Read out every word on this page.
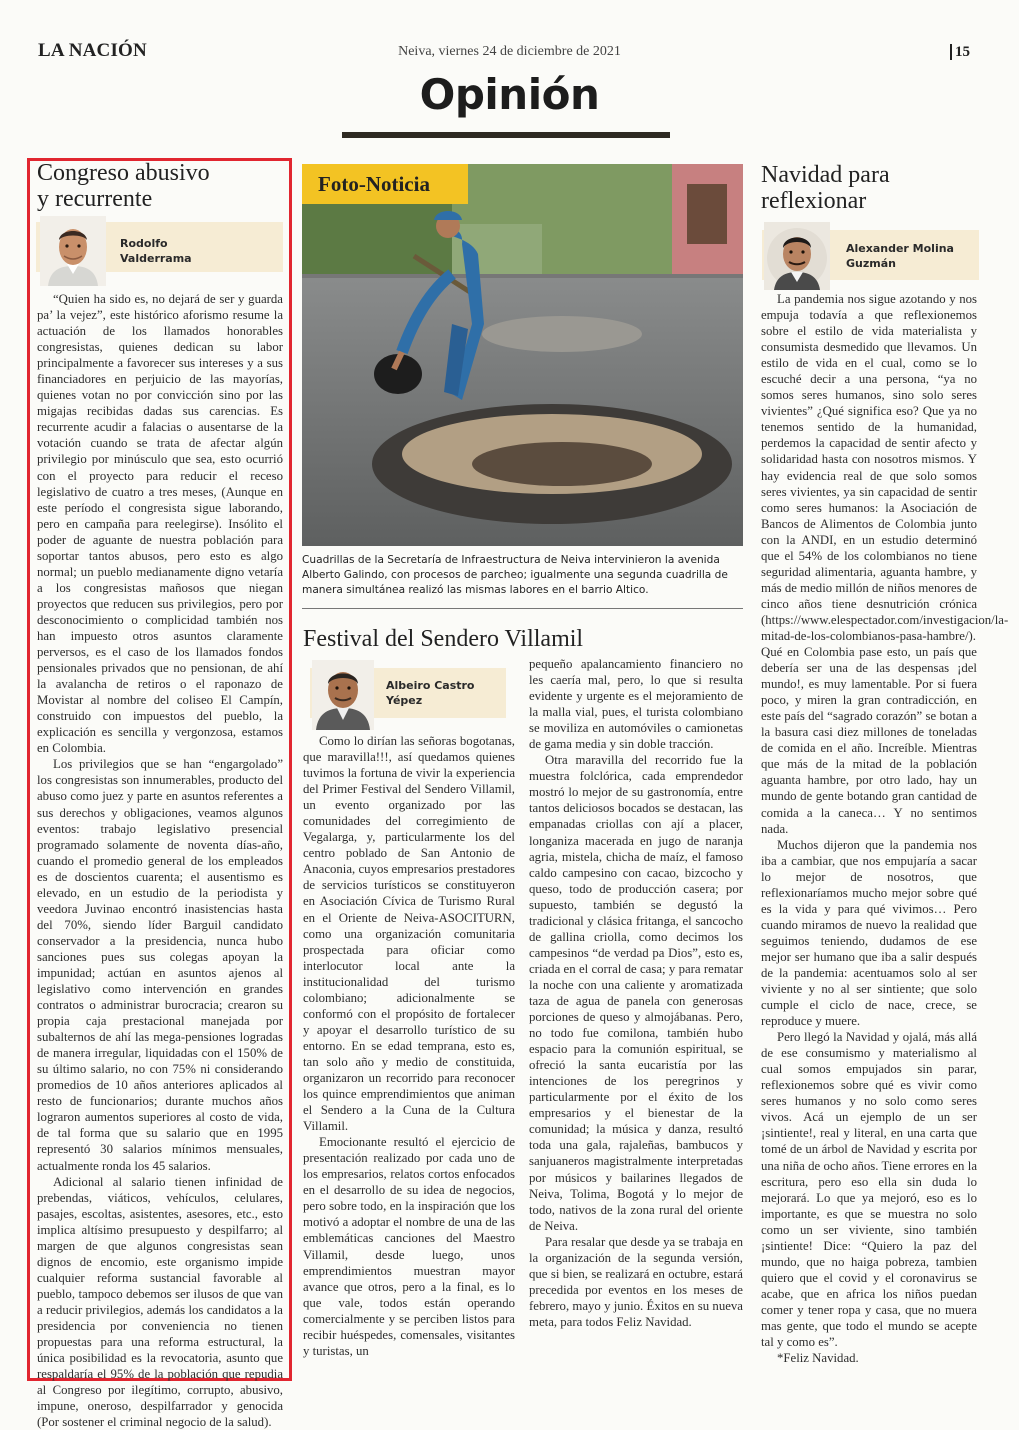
LA NACIÓN	Neiva, viernes 24 de diciembre de 2021	15
Opinión
Congreso abusivo
y recurrente
Rodolfo
Valderrama

“Quien ha sido es, no dejará de ser y guarda pa’ la vejez”, este histórico aforismo resume la actuación de los llamados honorables congresistas, quienes dedican su labor principalmente a favorecer sus intereses y a sus financiadores en perjuicio de las mayorías, quienes votan no por convicción sino por las migajas recibidas dadas sus carencias. Es recurrente acudir a falacias o ausentarse de la votación cuando se trata de afectar algún privilegio por minúsculo que sea, esto ocurrió con el proyecto para reducir el receso legislativo de cuatro a tres meses, (Aunque en este período el congresista sigue laborando, pero en campaña para reelegirse). Insólito el poder de aguante de nuestra población para soportar tantos abusos, pero esto es algo normal; un pueblo medianamente digno vetaría a los congresistas mañosos que niegan proyectos que reducen sus privilegios, pero por desconocimiento o complicidad también nos han impuesto otros asuntos claramente perversos, es el caso de los llamados fondos pensionales privados que no pensionan, de ahí la avalancha de retiros o el raponazo de Movistar al nombre del coliseo El Campín, construido con impuestos del pueblo, la explicación es sencilla y vergonzosa, estamos en Colombia.

Los privilegios que se han “engargolado” los congresistas son innumerables, producto del abuso como juez y parte en asuntos referentes a sus derechos y obligaciones, veamos algunos eventos: trabajo legislativo presencial programado solamente de noventa días-año, cuando el promedio general de los empleados es de doscientos cuarenta; el ausentismo es elevado, en un estudio de la periodista y veedora Juvinao encontró inasistencias hasta del 70%, siendo líder Barguil candidato conservador a la presidencia, nunca hubo sanciones pues sus colegas apoyan la impunidad; actúan en asuntos ajenos al legislativo como intervención en grandes contratos o administrar burocracia; crearon su propia caja prestacional manejada por subalternos de ahí las mega-pensiones logradas de manera irregular, liquidadas con el 150% de su último salario, no con 75% ni considerando promedios de 10 años anteriores aplicados al resto de funcionarios; durante muchos años lograron aumentos superiores al costo de vida, de tal forma que su salario que en 1995 representó 30 salarios mínimos mensuales, actualmente ronda los 45 salarios.

Adicional al salario tienen infinidad de prebendas, viáticos, vehículos, celulares, pasajes, escoltas, asistentes, asesores, etc., esto implica altísimo presupuesto y despilfarro; al margen de que algunos congresistas sean dignos de encomio, este organismo impide cualquier reforma sustancial favorable al pueblo, tampoco debemos ser ilusos de que van a reducir privilegios, además los candidatos a la presidencia por conveniencia no tienen propuestas para una reforma estructural, la única posibilidad es la revocatoria, asunto que respaldaría el 95% de la población que repudia al Congreso por ilegítimo, corrupto, abusivo, impune, oneroso, despilfarrador y genocida (Por sostener el criminal negocio de la salud).

Foto-Noticia
Cuadrillas de la Secretaría de Infraestructura de Neiva intervinieron la avenida Alberto Galindo, con procesos de parcheo; igualmente una segunda cuadrilla de manera simultánea realizó las mismas labores en el barrio Altico.
Festival del Sendero Villamil
Albeiro Castro
Yépez

Como lo dirían las señoras bogotanas, que maravilla!!!, así quedamos quienes tuvimos la fortuna de vivir la experiencia del Primer Festival del Sendero Villamil, un evento organizado por las comunidades del corregimiento de Vegalarga, y, particularmente los del centro poblado de San Antonio de Anaconia, cuyos empresarios prestadores de servicios turísticos se constituyeron en Asociación Cívica de Turismo Rural en el Oriente de Neiva-ASOCITURN, como una organización comunitaria prospectada para oficiar como interlocutor local ante la institucionalidad del turismo colombiano; adicionalmente se conformó con el propósito de fortalecer y apoyar el desarrollo turístico de su entorno. En se edad temprana, esto es, tan solo año y medio de constituida, organizaron un recorrido para reconocer los quince emprendimientos que animan el Sendero a la Cuna de la Cultura Villamil.

Emocionante resultó el ejercicio de presentación realizado por cada uno de los empresarios, relatos cortos enfocados en el desarrollo de su idea de negocios, pero sobre todo, en la inspiración que los motivó a adoptar el nombre de una de las emblemáticas canciones del Maestro Villamil, desde luego, unos emprendimientos muestran mayor avance que otros, pero a la final, es lo que vale, todos están operando comercialmente y se perciben listos para recibir huéspedes, comensales, visitantes y turistas, un

pequeño apalancamiento financiero no les caería mal, pero, lo que si resulta evidente y urgente es el mejoramiento de la malla vial, pues, el turista colombiano se moviliza en automóviles o camionetas de gama media y sin doble tracción.

Otra maravilla del recorrido fue la muestra folclórica, cada emprendedor mostró lo mejor de su gastronomía, entre tantos deliciosos bocados se destacan, las empanadas criollas con ají a placer, longaniza macerada en jugo de naranja agria, mistela, chicha de maíz, el famoso caldo campesino con cacao, bizcocho y queso, todo de producción casera; por supuesto, también se degustó la tradicional y clásica fritanga, el sancocho de gallina criolla, como decimos los campesinos “de verdad pa Dios”, esto es, criada en el corral de casa; y para rematar la noche con una caliente y aromatizada taza de agua de panela con generosas porciones de queso y almojábanas. Pero, no todo fue comilona, también hubo espacio para la comunión espiritual, se ofreció la santa eucaristía por las intenciones de los peregrinos y particularmente por el éxito de los empresarios y el bienestar de la comunidad; la música y danza, resultó toda una gala, rajaleñas, bambucos y sanjuaneros magistralmente interpretadas por músicos y bailarines llegados de Neiva, Tolima, Bogotá y lo mejor de todo, nativos de la zona rural del oriente de Neiva.

Para resalar que desde ya se trabaja en la organización de la segunda versión, que si bien, se realizará en octubre, estará precedida por eventos en los meses de febrero, mayo y junio. Éxitos en su nueva meta, para todos Feliz Navidad.

Navidad para
reflexionar
Alexander Molina
Guzmán

La pandemia nos sigue azotando y nos empuja todavía a que reflexionemos sobre el estilo de vida materialista y consumista desmedido que llevamos. Un estilo de vida en el cual, como se lo escuché decir a una persona, “ya no somos seres humanos, sino solo seres vivientes” ¿Qué significa eso? Que ya no tenemos sentido de la humanidad, perdemos la capacidad de sentir afecto y solidaridad hasta con nosotros mismos. Y hay evidencia real de que solo somos seres vivientes, ya sin capacidad de sentir como seres humanos: la Asociación de Bancos de Alimentos de Colombia junto con la ANDI, en un estudio determinó que el 54% de los colombianos no tiene seguridad alimentaria, aguanta hambre, y más de medio millón de niños menores de cinco años tiene desnutrición crónica (https://www.elespectador.com/investigacion/la-mitad-de-los-colombianos-pasa-hambre/). Qué en Colombia pase esto, un país que debería ser una de las despensas ¡del mundo!, es muy lamentable. Por si fuera poco, y miren la gran contradicción, en este país del “sagrado corazón” se botan a la basura casi diez millones de toneladas de comida en el año. Increíble. Mientras que más de la mitad de la población aguanta hambre, por otro lado, hay un mundo de gente botando gran cantidad de comida a la caneca… Y no sentimos nada.

Muchos dijeron que la pandemia nos iba a cambiar, que nos empujaría a sacar lo mejor de nosotros, que reflexionaríamos mucho mejor sobre qué es la vida y para qué vivimos… Pero cuando miramos de nuevo la realidad que seguimos teniendo, dudamos de ese mejor ser humano que iba a salir después de la pandemia: acentuamos solo al ser viviente y no al ser sintiente; que solo cumple el ciclo de nace, crece, se reproduce y muere.

Pero llegó la Navidad y ojalá, más allá de ese consumismo y materialismo al cual somos empujados sin parar, reflexionemos sobre qué es vivir como seres humanos y no solo como seres vivos. Acá un ejemplo de un ser ¡sintiente!, real y literal, en una carta que tomé de un árbol de Navidad y escrita por una niña de ocho años. Tiene errores en la escritura, pero eso ella sin duda lo mejorará. Lo que ya mejoró, eso es lo importante, es que se muestra no solo como un ser viviente, sino también ¡sintiente! Dice: “Quiero la paz del mundo, que no haiga pobreza, tambien quiero que el covid y el coronavirus se acabe, que en africa los niños puedan comer y tener ropa y casa, que no muera mas gente, que todo el mundo se acepte tal y como es”.

*Feliz Navidad.
